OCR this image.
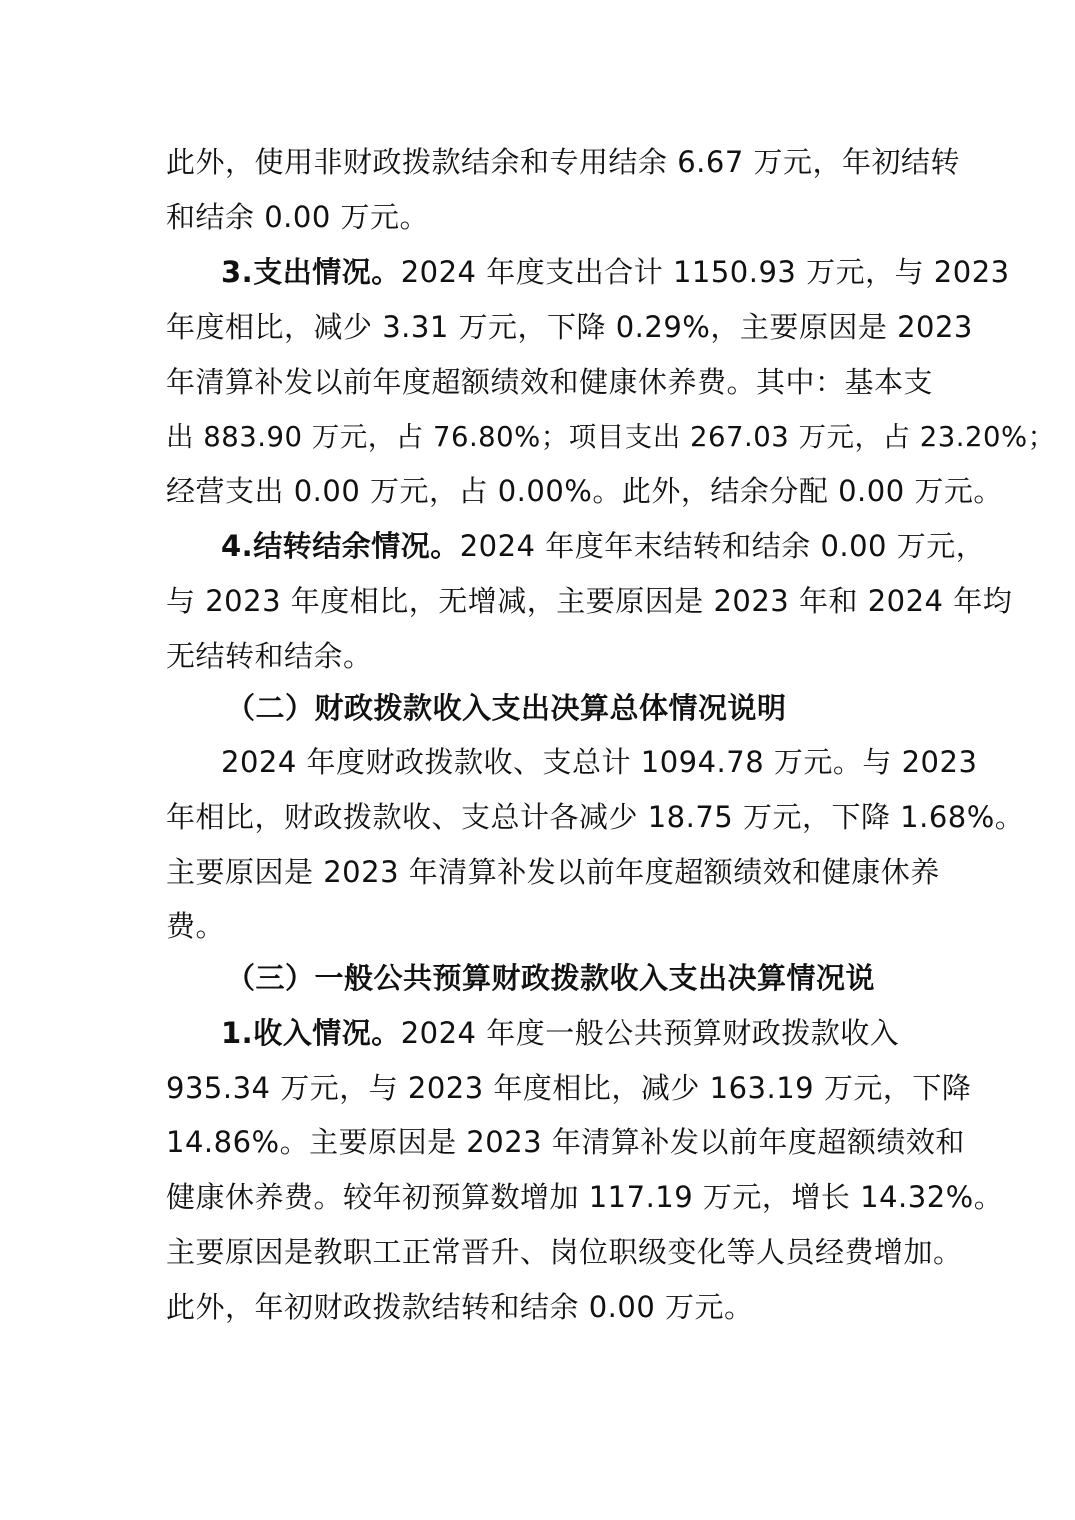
此外，使用非财政拨款结余和专用结余 6.67 万元，年初结转
和结余 0.00 万元。
3.支出情况。2024 年度支出合计 1150.93 万元，与 2023
年度相比，减少 3.31 万元，下降 0.29%，主要原因是 2023
年清算补发以前年度超额绩效和健康休养费。其中：基本支
出 883.90 万元，占 76.80%；项目支出 267.03 万元，占 23.20%；
经营支出 0.00 万元，占 0.00%。此外，结余分配 0.00 万元。
4.结转结余情况。2024 年度年末结转和结余 0.00 万元，
与 2023 年度相比，无增减，主要原因是 2023 年和 2024 年均
无结转和结余。
（二）财政拨款收入支出决算总体情况说明
2024 年度财政拨款收、支总计 1094.78 万元。与 2023
年相比，财政拨款收、支总计各减少 18.75 万元，下降 1.68%。
主要原因是 2023 年清算补发以前年度超额绩效和健康休养
费。
（三）一般公共预算财政拨款收入支出决算情况说
1.收入情况。2024 年度一般公共预算财政拨款收入
935.34 万元，与 2023 年度相比，减少 163.19 万元，下降
14.86%。主要原因是 2023 年清算补发以前年度超额绩效和
健康休养费。较年初预算数增加 117.19 万元，增长 14.32%。
主要原因是教职工正常晋升、岗位职级变化等人员经费增加。
此外，年初财政拨款结转和结余 0.00 万元。
